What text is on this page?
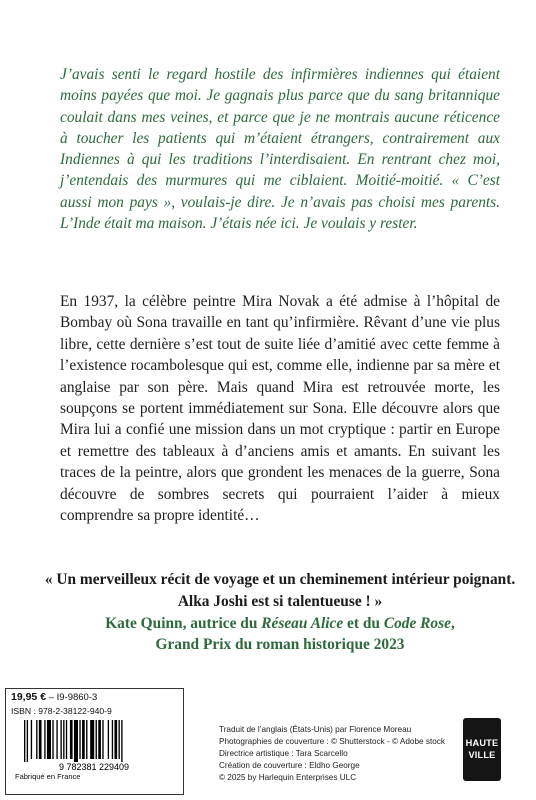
J’avais senti le regard hostile des infirmières indiennes qui étaient moins payées que moi. Je gagnais plus parce que du sang britannique coulait dans mes veines, et parce que je ne montrais aucune réticence à toucher les patients qui m’étaient étrangers, contrairement aux Indiennes à qui les traditions l’interdisaient. En rentrant chez moi, j’entendais des murmures qui me ciblaient. Moitié-moitié. « C’est aussi mon pays », voulais-je dire. Je n’avais pas choisi mes parents. L’Inde était ma maison. J’étais née ici. Je voulais y rester.

En 1937, la célèbre peintre Mira Novak a été admise à l’hôpital de Bombay où Sona travaille en tant qu’infirmière. Rêvant d’une vie plus libre, cette dernière s’est tout de suite liée d’amitié avec cette femme à l’existence rocambolesque qui est, comme elle, indienne par sa mère et anglaise par son père. Mais quand Mira est retrouvée morte, les soupçons se portent immédiatement sur Sona. Elle découvre alors que Mira lui a confié une mission dans un mot cryptique : partir en Europe et remettre des tableaux à d’anciens amis et amants. En suivant les traces de la peintre, alors que grondent les menaces de la guerre, Sona découvre de sombres secrets qui pourraient l’aider à mieux comprendre sa propre identité…

« Un merveilleux récit de voyage et un cheminement intérieur poignant. Alka Joshi est si talentueuse ! »
Kate Quinn, autrice du Réseau Alice et du Code Rose,
Grand Prix du roman historique 2023
19,95 € – I9-9860-3
ISBN : 978-2-38122-940-9
9 782381 229409
Fabriqué en France
Traduit de l’anglais (États-Unis) par Florence Moreau
Photographies de couverture : © Shutterstock - © Adobe stock
Directrice artistique : Tara Scarcello
Création de couverture : Eldho George
© 2025 by Harlequin Enterprises ULC
HAUTE
VILLE
